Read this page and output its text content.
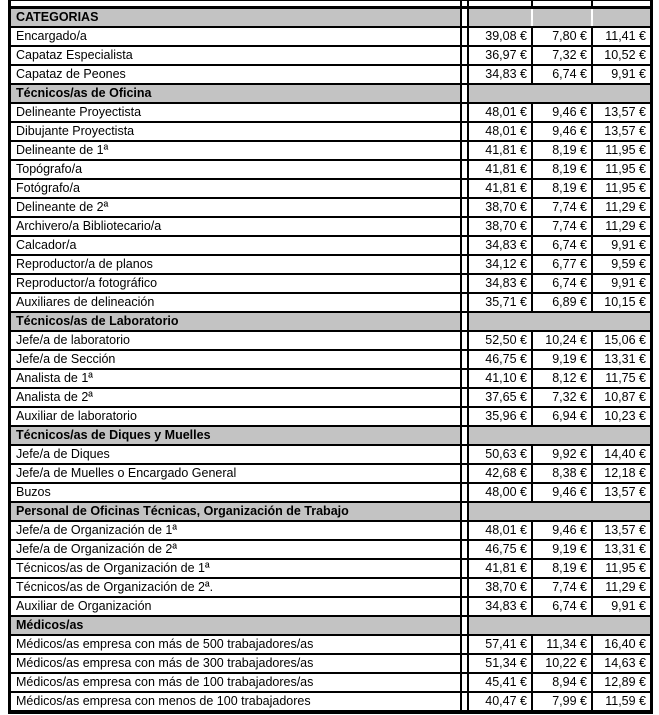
CATEGORIAS
Encargado/a	39,08 €	7,80 €	11,41 €
Capataz Especialista	36,97 €	7,32 €	10,52 €
Capataz de Peones	34,83 €	6,74 €	9,91 €
Técnicos/as de Oficina
Delineante Proyectista	48,01 €	9,46 €	13,57 €
Dibujante Proyectista	48,01 €	9,46 €	13,57 €
Delineante de 1ª	41,81 €	8,19 €	11,95 €
Topógrafo/a	41,81 €	8,19 €	11,95 €
Fotógrafo/a	41,81 €	8,19 €	11,95 €
Delineante de 2ª	38,70 €	7,74 €	11,29 €
Archivero/a Bibliotecario/a	38,70 €	7,74 €	11,29 €
Calcador/a	34,83 €	6,74 €	9,91 €
Reproductor/a de planos	34,12 €	6,77 €	9,59 €
Reproductor/a fotográfico	34,83 €	6,74 €	9,91 €
Auxiliares de delineación	35,71 €	6,89 €	10,15 €
Técnicos/as de Laboratorio
Jefe/a de laboratorio	52,50 €	10,24 €	15,06 €
Jefe/a de Sección	46,75 €	9,19 €	13,31 €
Analista de 1ª	41,10 €	8,12 €	11,75 €
Analista de 2ª	37,65 €	7,32 €	10,87 €
Auxiliar de laboratorio	35,96 €	6,94 €	10,23 €
Técnicos/as de Diques y Muelles
Jefe/a de Diques	50,63 €	9,92 €	14,40 €
Jefe/a de Muelles o Encargado General	42,68 €	8,38 €	12,18 €
Buzos	48,00 €	9,46 €	13,57 €
Personal de Oficinas Técnicas, Organización de Trabajo
Jefe/a de Organización de 1ª	48,01 €	9,46 €	13,57 €
Jefe/a de Organización de 2ª	46,75 €	9,19 €	13,31 €
Técnicos/as de Organización de 1ª	41,81 €	8,19 €	11,95 €
Técnicos/as de Organización de 2ª.	38,70 €	7,74 €	11,29 €
Auxiliar de Organización	34,83 €	6,74 €	9,91 €
Médicos/as
Médicos/as empresa con más de 500 trabajadores/as	57,41 €	11,34 €	16,40 €
Médicos/as empresa con más de 300 trabajadores/as	51,34 €	10,22 €	14,63 €
Médicos/as empresa con más de 100 trabajadores/as	45,41 €	8,94 €	12,89 €
Médicos/as empresa con menos de 100 trabajadores	40,47 €	7,99 €	11,59 €
